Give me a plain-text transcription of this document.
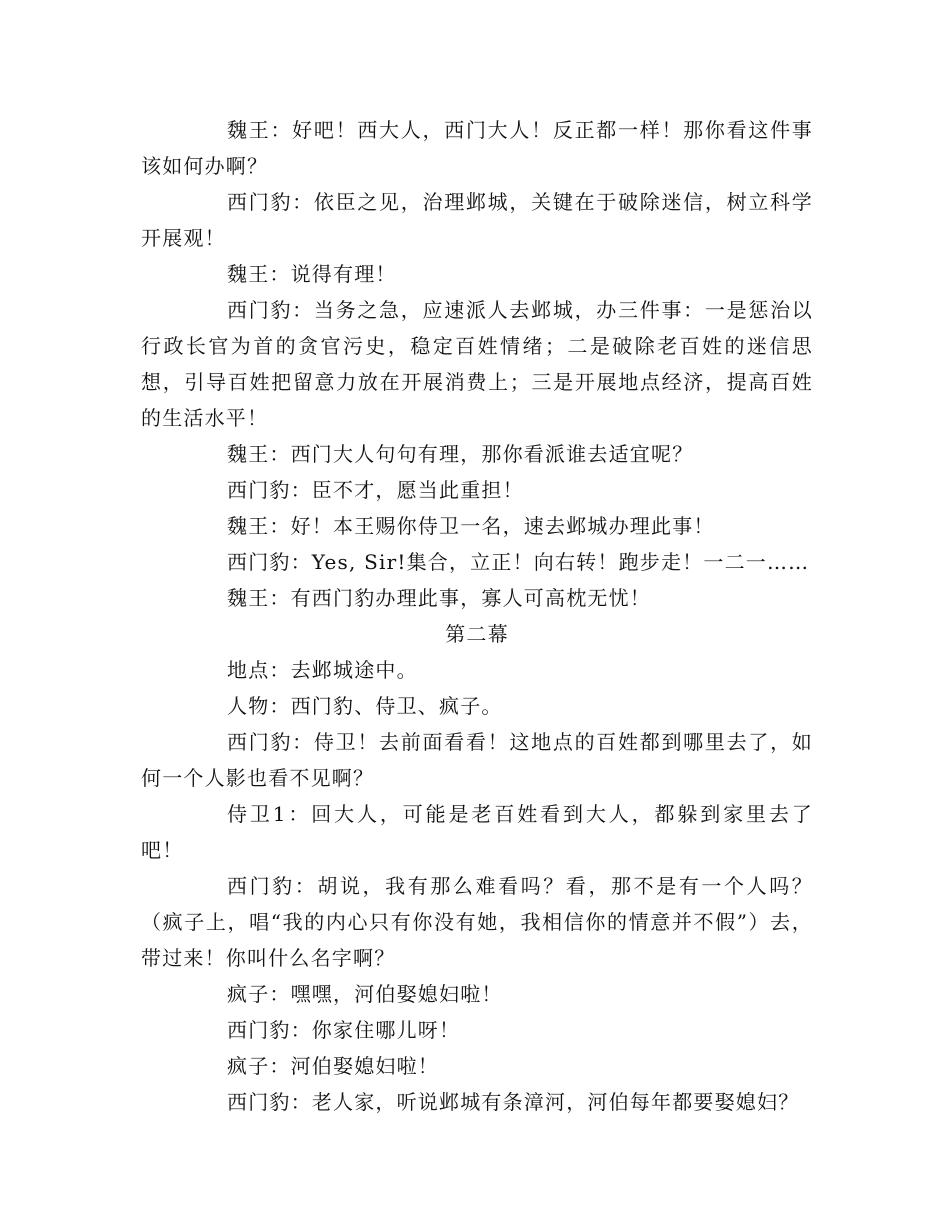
魏王：好吧！西大人，西门大人！反正都一样！那你看这件事该如何办啊？

西门豹：依臣之见，治理邺城，关键在于破除迷信，树立科学开展观！

魏王：说得有理！

西门豹：当务之急，应速派人去邺城，办三件事：一是惩治以行政长官为首的贪官污史，稳定百姓情绪；二是破除老百姓的迷信思想，引导百姓把留意力放在开展消费上；三是开展地点经济，提高百姓的生活水平！

魏王：西门大人句句有理，那你看派谁去适宜呢？

西门豹：臣不才，愿当此重担！

魏王：好！本王赐你侍卫一名，速去邺城办理此事！

西门豹：Yes, Sir!集合，立正！向右转！跑步走！一二一……

魏王：有西门豹办理此事，寡人可高枕无忧！

第二幕

地点：去邺城途中。

人物：西门豹、侍卫、疯子。

西门豹：侍卫！去前面看看！这地点的百姓都到哪里去了，如何一个人影也看不见啊？

侍卫1：回大人，可能是老百姓看到大人，都躲到家里去了吧！

西门豹：胡说，我有那么难看吗？看，那不是有一个人吗？（疯子上，唱“我的内心只有你没有她，我相信你的情意并不假”）去，带过来！你叫什么名字啊？

疯子：嘿嘿，河伯娶媳妇啦！

西门豹：你家住哪儿呀！

疯子：河伯娶媳妇啦！

西门豹：老人家，听说邺城有条漳河，河伯每年都要娶媳妇？
